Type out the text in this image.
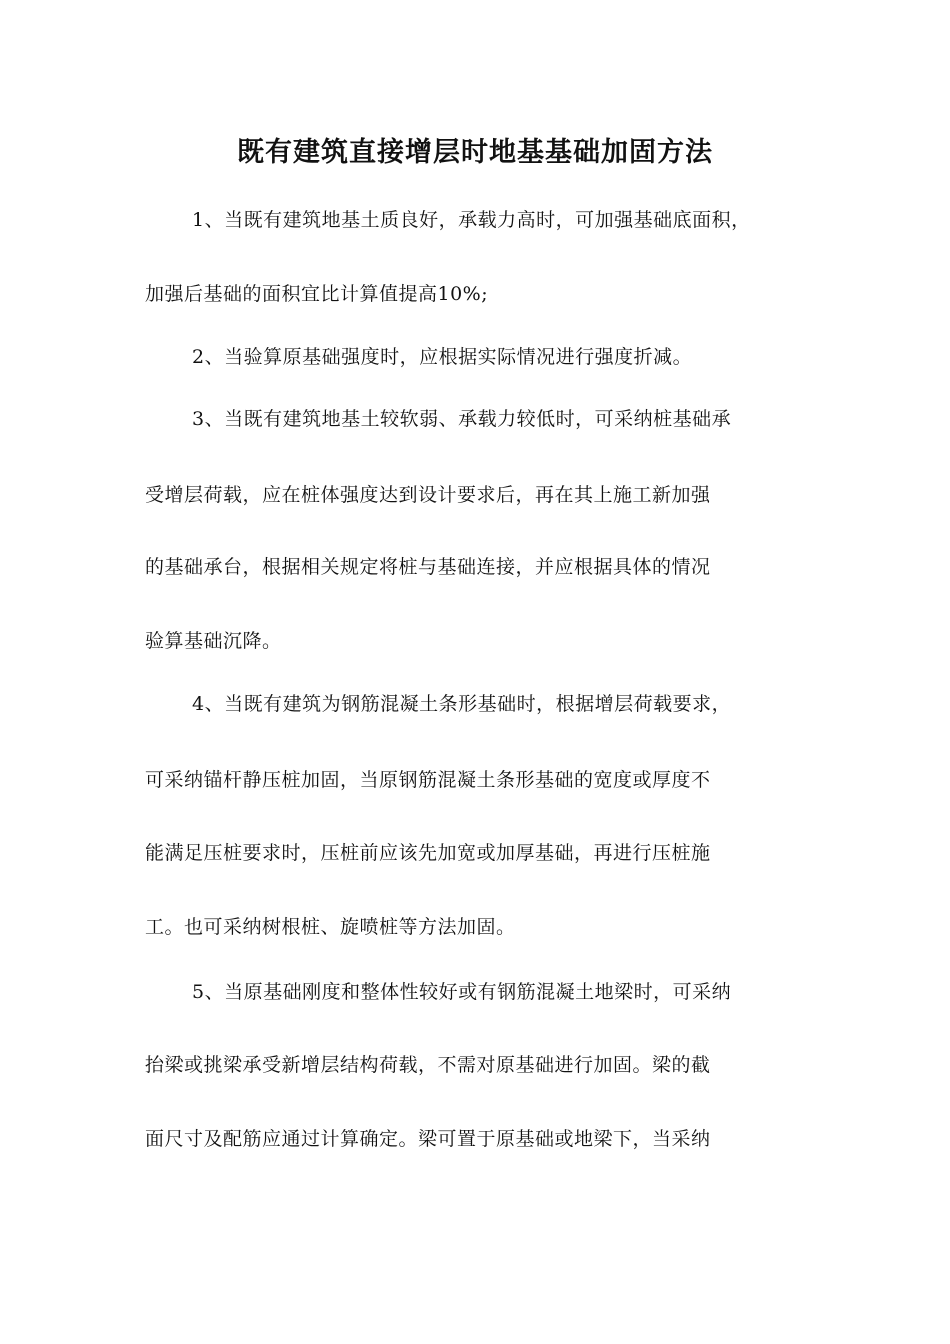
既有建筑直接增层时地基基础加固方法
1、当既有建筑地基土质良好，承载力高时，可加强基础底面积，
加强后基础的面积宜比计算值提高10%;
2、当验算原基础强度时，应根据实际情况进行强度折减。
3、当既有建筑地基土较软弱、承载力较低时，可采纳桩基础承
受增层荷载，应在桩体强度达到设计要求后，再在其上施工新加强
的基础承台，根据相关规定将桩与基础连接，并应根据具体的情况
验算基础沉降。
4、当既有建筑为钢筋混凝土条形基础时，根据增层荷载要求，
可采纳锚杆静压桩加固，当原钢筋混凝土条形基础的宽度或厚度不
能满足压桩要求时，压桩前应该先加宽或加厚基础，再进行压桩施
工。也可采纳树根桩、旋喷桩等方法加固。
5、当原基础刚度和整体性较好或有钢筋混凝土地梁时，可采纳
抬梁或挑梁承受新增层结构荷载，不需对原基础进行加固。梁的截
面尺寸及配筋应通过计算确定。梁可置于原基础或地梁下，当采纳
